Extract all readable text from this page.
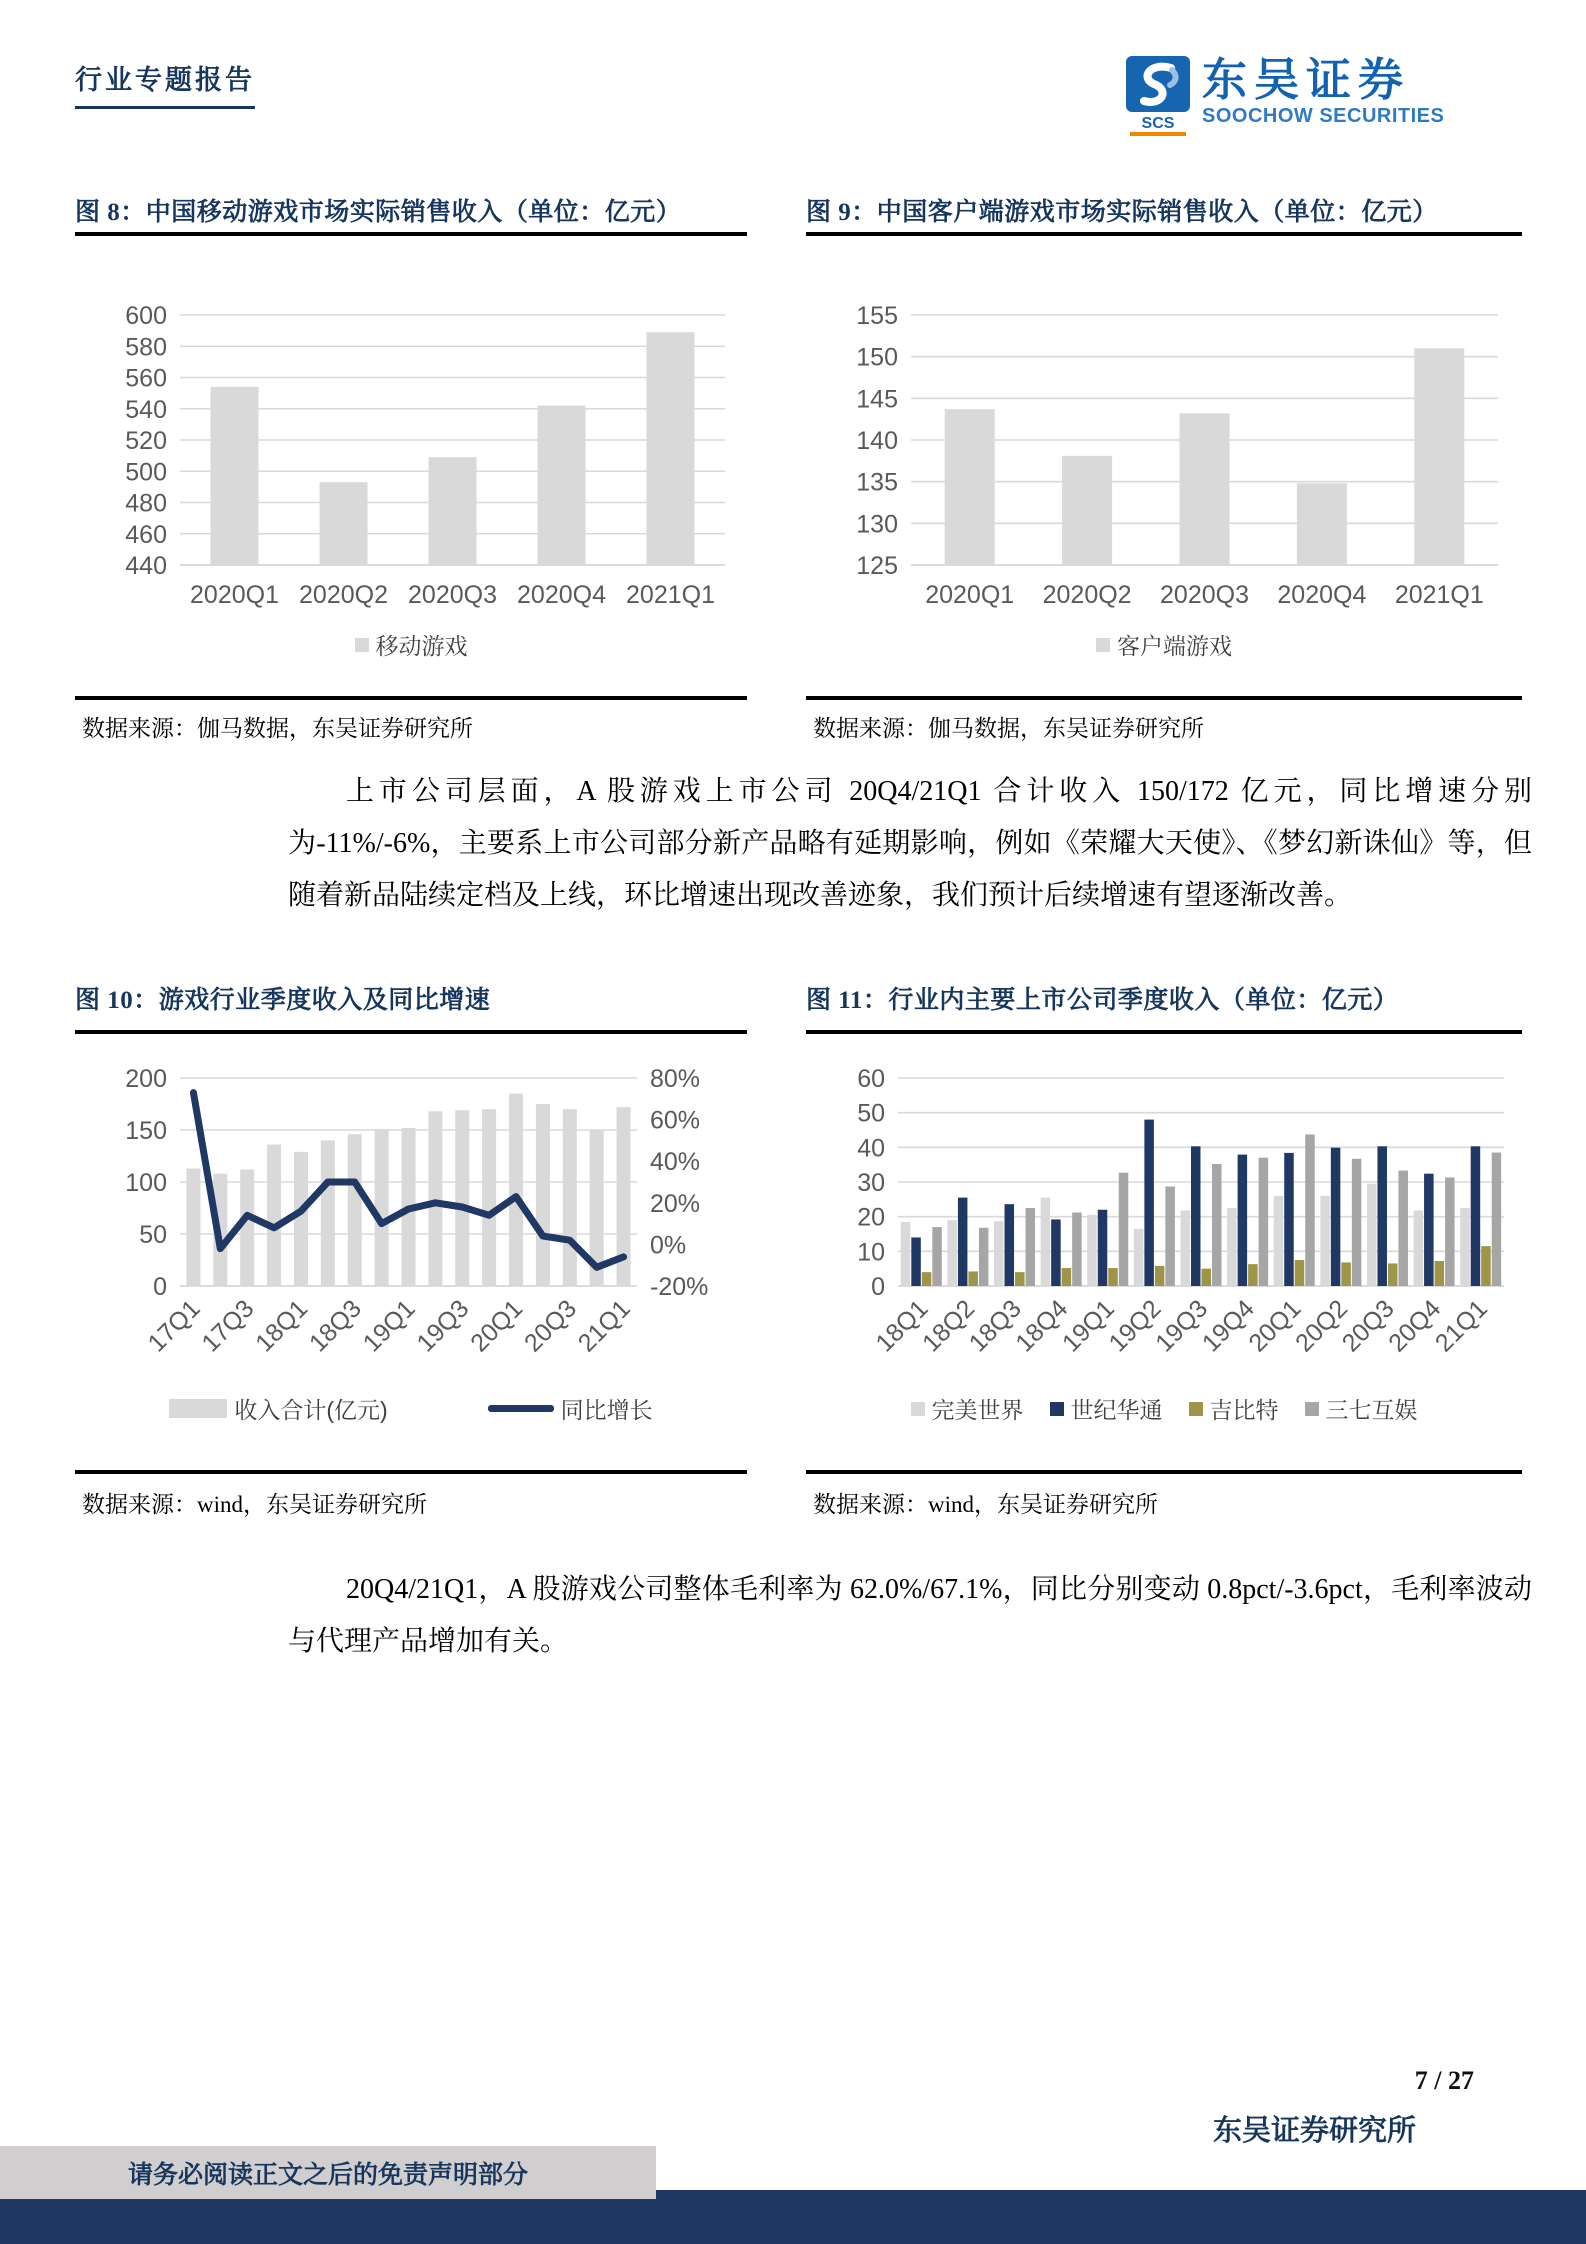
行业专题报告
SCS
东吴证券
SOOCHOW SECURITIES
图 8：中国移动游戏市场实际销售收入（单位：亿元）
440
460
480
500
520
540
560
580
600
2020Q1 2020Q2 2020Q3 2020Q4 2021Q1
移动游戏
数据来源：伽马数据，东吴证券研究所
图 9：中国客户端游戏市场实际销售收入（单位：亿元）
125
130
135
140
145
150
155
2020Q1 2020Q2 2020Q3 2020Q4 2021Q1
客户端游戏
数据来源：伽马数据，东吴证券研究所
上市公司层面，A 股游戏上市公司 20Q4/21Q1 合计收入 150/172 亿元，同比增速分别为-11%/-6%，主要系上市公司部分新产品略有延期影响，例如《荣耀大天使》、《梦幻新诛仙》等，但随着新品陆续定档及上线，环比增速出现改善迹象，我们预计后续增速有望逐渐改善。
图 10：游戏行业季度收入及同比增速
0
50
100
150
200
-20%
0%
20%
40%
60%
80%
17Q1
17Q3
18Q1
18Q3
19Q1
19Q3
20Q1
20Q3
21Q1
收入合计(亿元)	同比增长
数据来源：wind，东吴证券研究所
图 11：行业内主要上市公司季度收入（单位：亿元）
0
10
20
30
40
50
60
18Q1
18Q2
18Q3
18Q4
19Q1
19Q2
19Q3
19Q4
20Q1
20Q2
20Q3
20Q4
21Q1
完美世界 世纪华通 吉比特 三七互娱
数据来源：wind，东吴证券研究所
20Q4/21Q1，A 股游戏公司整体毛利率为 62.0%/67.1%，同比分别变动 0.8pct/-3.6pct，毛利率波动与代理产品增加有关。
7 / 27
东吴证券研究所
请务必阅读正文之后的免责声明部分
